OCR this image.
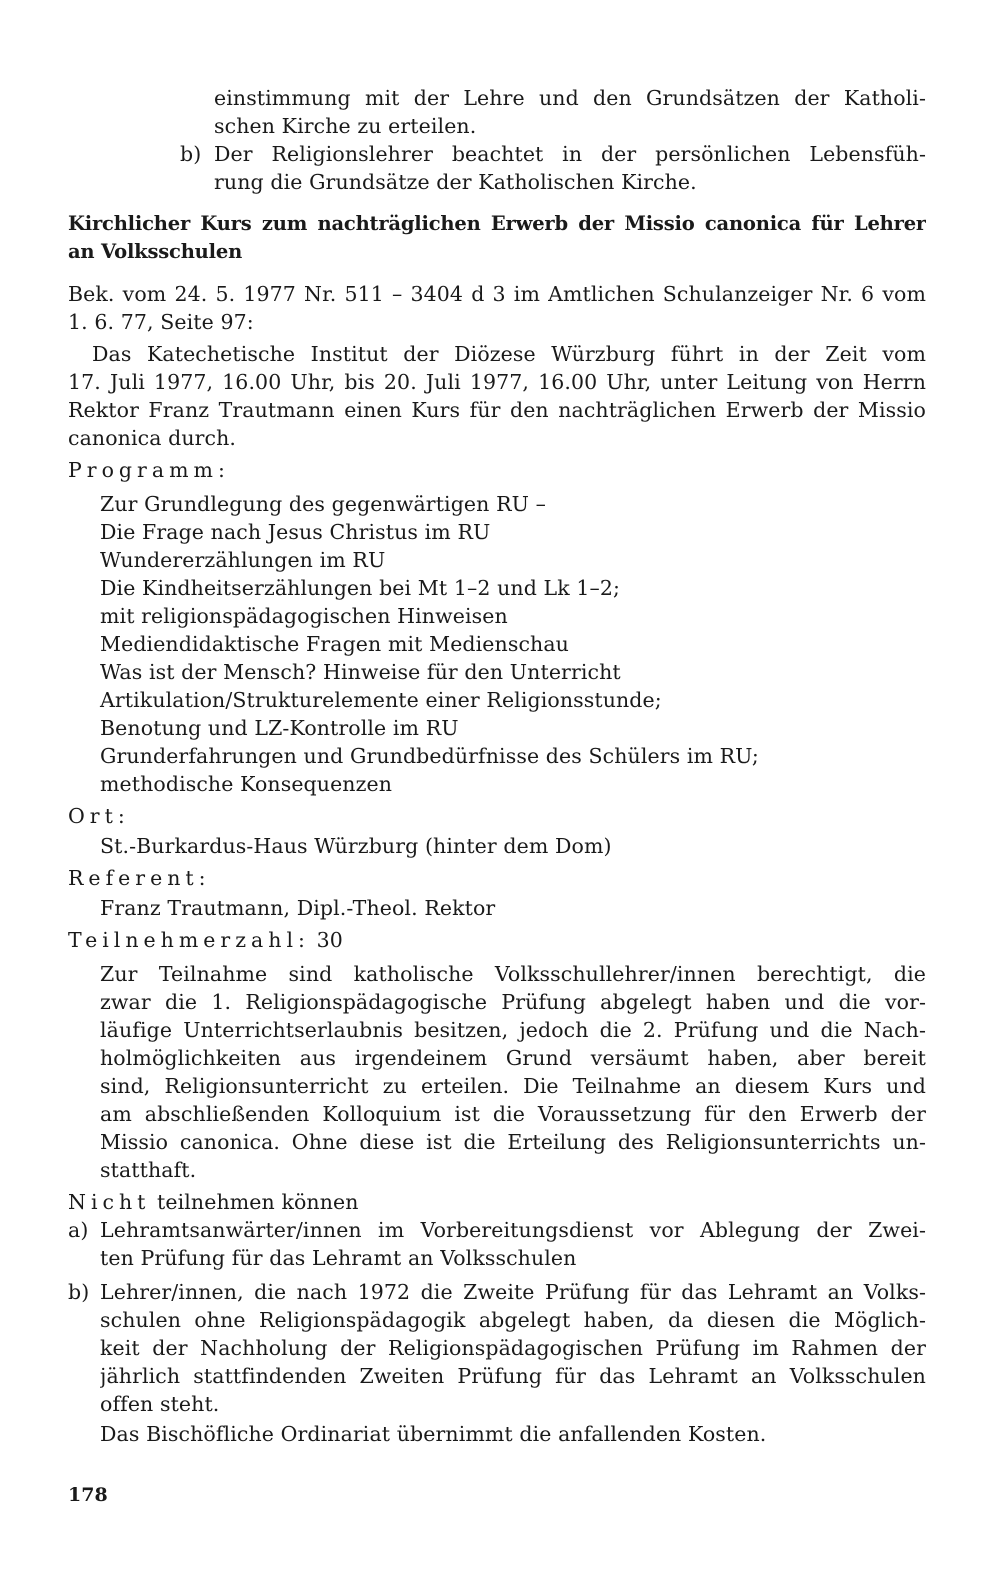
einstimmung mit der Lehre und den Grundsätzen der Katholi-
schen Kirche zu erteilen.
b) Der Religionslehrer beachtet in der persönlichen Lebensfüh-
rung die Grundsätze der Katholischen Kirche.
Kirchlicher Kurs zum nachträglichen Erwerb der Missio canonica für Lehrer
an Volksschulen
Bek. vom 24. 5. 1977 Nr. 511 – 3404 d 3 im Amtlichen Schulanzeiger Nr. 6 vom
1. 6. 77, Seite 97:
Das Katechetische Institut der Diözese Würzburg führt in der Zeit vom
17. Juli 1977, 16.00 Uhr, bis 20. Juli 1977, 16.00 Uhr, unter Leitung von Herrn
Rektor Franz Trautmann einen Kurs für den nachträglichen Erwerb der Missio
canonica durch.
Programm:
Zur Grundlegung des gegenwärtigen RU –
Die Frage nach Jesus Christus im RU
Wundererzählungen im RU
Die Kindheitserzählungen bei Mt 1–2 und Lk 1–2;
mit religionspädagogischen Hinweisen
Mediendidaktische Fragen mit Medienschau
Was ist der Mensch? Hinweise für den Unterricht
Artikulation/Strukturelemente einer Religionsstunde;
Benotung und LZ-Kontrolle im RU
Grunderfahrungen und Grundbedürfnisse des Schülers im RU;
methodische Konsequenzen
Ort:
St.-Burkardus-Haus Würzburg (hinter dem Dom)
Referent:
Franz Trautmann, Dipl.-Theol. Rektor
Teilnehmerzahl: 30
Zur Teilnahme sind katholische Volksschullehrer/innen berechtigt, die
zwar die 1. Religionspädagogische Prüfung abgelegt haben und die vor-
läufige Unterrichtserlaubnis besitzen, jedoch die 2. Prüfung und die Nach-
holmöglichkeiten aus irgendeinem Grund versäumt haben, aber bereit
sind, Religionsunterricht zu erteilen. Die Teilnahme an diesem Kurs und
am abschließenden Kolloquium ist die Voraussetzung für den Erwerb der
Missio canonica. Ohne diese ist die Erteilung des Religionsunterrichts un-
statthaft.
Nicht teilnehmen können
a) Lehramtsanwärter/innen im Vorbereitungsdienst vor Ablegung der Zwei-
ten Prüfung für das Lehramt an Volksschulen
b) Lehrer/innen, die nach 1972 die Zweite Prüfung für das Lehramt an Volks-
schulen ohne Religionspädagogik abgelegt haben, da diesen die Möglich-
keit der Nachholung der Religionspädagogischen Prüfung im Rahmen der
jährlich stattfindenden Zweiten Prüfung für das Lehramt an Volksschulen
offen steht.
Das Bischöfliche Ordinariat übernimmt die anfallenden Kosten.
178
